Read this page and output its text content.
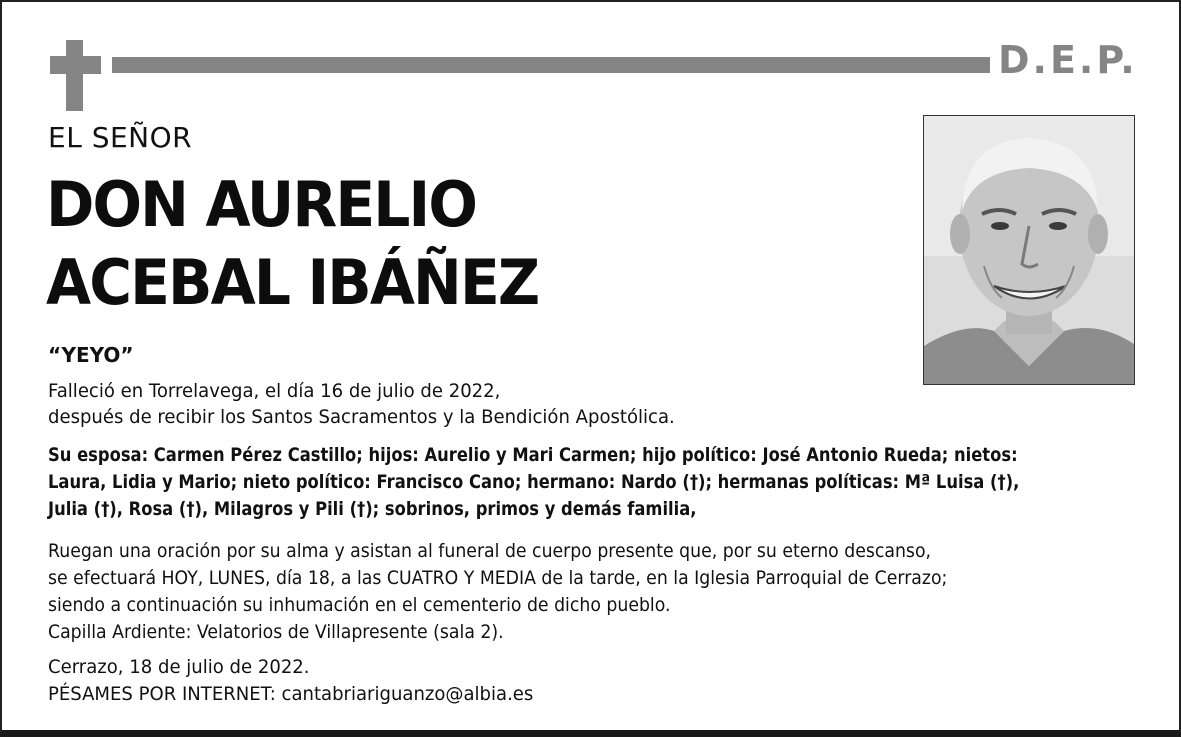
D.E.P.
EL SEÑOR
DON AURELIO
ACEBAL IBÁÑEZ
“YEYO”
Falleció en Torrelavega, el día 16 de julio de 2022,
después de recibir los Santos Sacramentos y la Bendición Apostólica.
Su esposa: Carmen Pérez Castillo; hijos: Aurelio y Mari Carmen; hijo político: José Antonio Rueda; nietos:
Laura, Lidia y Mario; nieto político: Francisco Cano; hermano: Nardo (†); hermanas políticas: Mª Luisa (†),
Julia (†), Rosa (†), Milagros y Pili (†); sobrinos, primos y demás familia,
Ruegan una oración por su alma y asistan al funeral de cuerpo presente que, por su eterno descanso,
se efectuará HOY, LUNES, día 18, a las CUATRO Y MEDIA de la tarde, en la Iglesia Parroquial de Cerrazo;
siendo a continuación su inhumación en el cementerio de dicho pueblo.
Capilla Ardiente: Velatorios de Villapresente (sala 2).
Cerrazo, 18 de julio de 2022.
PÉSAMES POR INTERNET: cantabriariguanzo@albia.es
